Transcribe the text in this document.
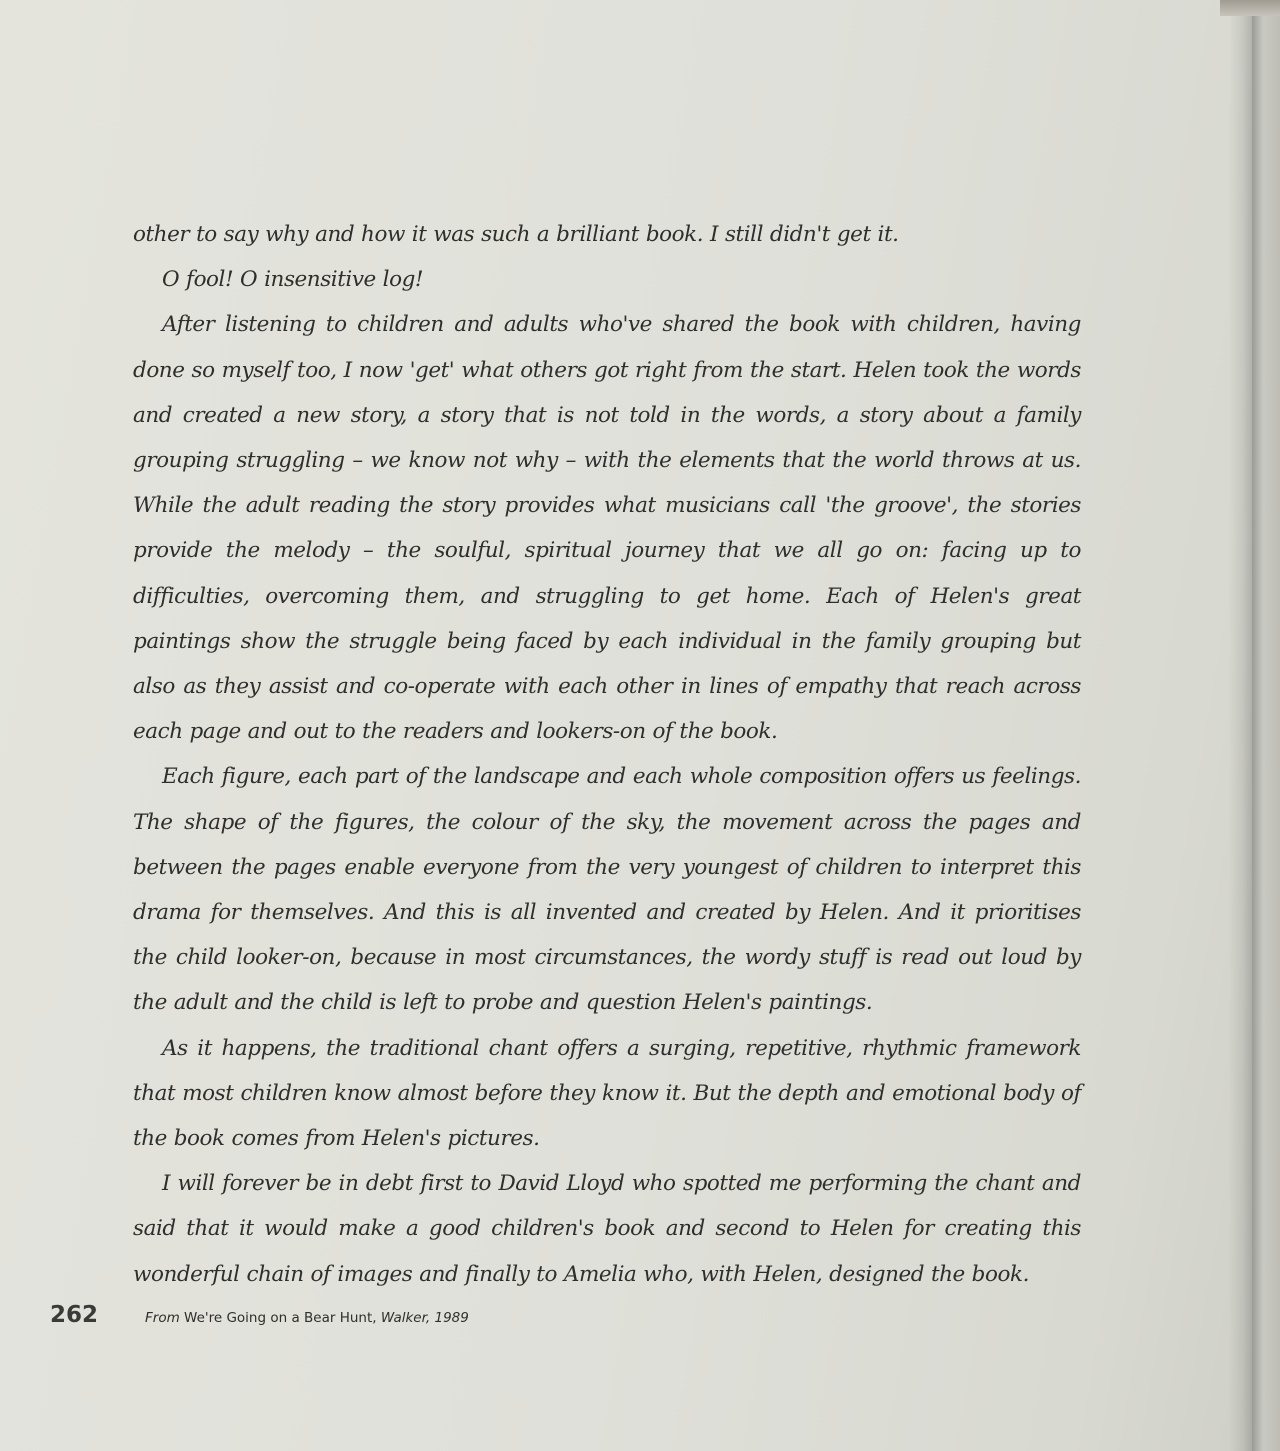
other to say why and how it was such a brilliant book. I still didn't get it.

O fool! O insensitive log!

After listening to children and adults who've shared the book with children, having done so myself too, I now 'get' what others got right from the start. Helen took the words and created a new story, a story that is not told in the words, a story about a family grouping struggling – we know not why – with the elements that the world throws at us. While the adult reading the story provides what musicians call 'the groove', the stories provide the melody – the soulful, spiritual journey that we all go on: facing up to difficulties, overcoming them, and struggling to get home. Each of Helen's great paintings show the struggle being faced by each individual in the family grouping but also as they assist and co-operate with each other in lines of empathy that reach across each page and out to the readers and lookers-on of the book.

Each figure, each part of the landscape and each whole composition offers us feelings. The shape of the figures, the colour of the sky, the movement across the pages and between the pages enable everyone from the very youngest of children to interpret this drama for themselves. And this is all invented and created by Helen. And it prioritises the child looker-on, because in most circumstances, the wordy stuff is read out loud by the adult and the child is left to probe and question Helen's paintings.

As it happens, the traditional chant offers a surging, repetitive, rhythmic framework that most children know almost before they know it. But the depth and emotional body of the book comes from Helen's pictures.

I will forever be in debt first to David Lloyd who spotted me performing the chant and said that it would make a good children's book and second to Helen for creating this wonderful chain of images and finally to Amelia who, with Helen, designed the book.

262	From We're Going on a Bear Hunt, Walker, 1989
